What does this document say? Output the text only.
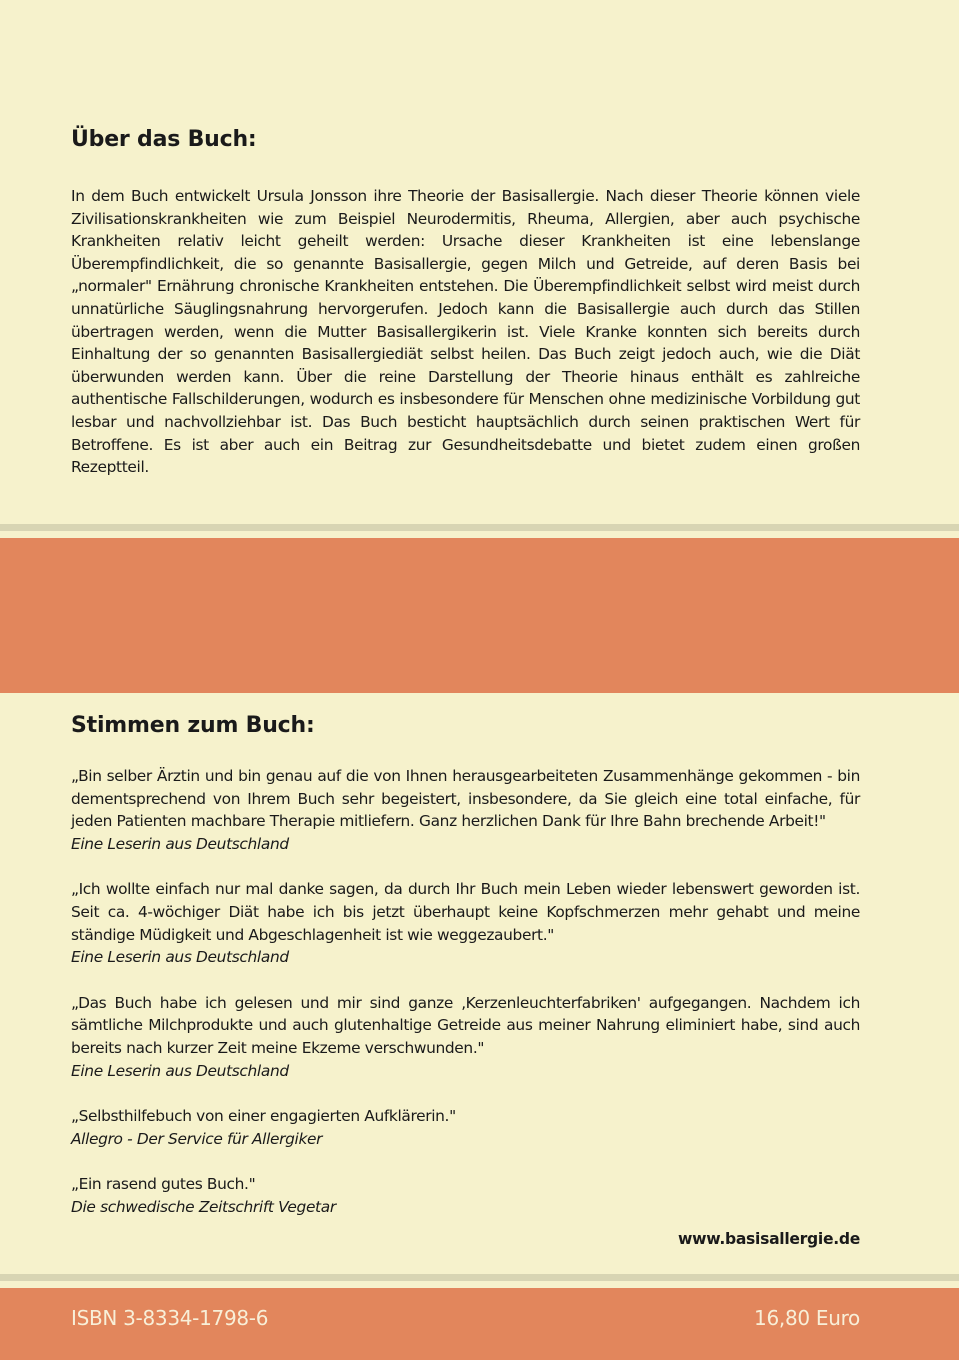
Über das Buch:

In dem Buch entwickelt Ursula Jonsson ihre Theorie der Basisallergie. Nach dieser Theorie können viele Zivilisationskrankheiten wie zum Beispiel Neurodermitis, Rheuma, Allergien, aber auch psychische Krankheiten relativ leicht geheilt werden: Ursache dieser Krankheiten ist eine lebenslange Überempfindlichkeit, die so genannte Basisallergie, gegen Milch und Getreide, auf deren Basis bei „normaler" Ernährung chronische Krankheiten entstehen. Die Überempfindlichkeit selbst wird meist durch unnatürliche Säuglingsnahrung hervorgerufen. Jedoch kann die Basisallergie auch durch das Stillen übertragen werden, wenn die Mutter Basisallergikerin ist. Viele Kranke konnten sich bereits durch Einhaltung der so genannten Basisallergiediät selbst heilen. Das Buch zeigt jedoch auch, wie die Diät überwunden werden kann. Über die reine Darstellung der Theorie hinaus enthält es zahlreiche authentische Fallschilderungen, wodurch es insbesondere für Menschen ohne medizinische Vorbildung gut lesbar und nachvollziehbar ist. Das Buch besticht hauptsächlich durch seinen praktischen Wert für Betroffene. Es ist aber auch ein Beitrag zur Gesundheitsdebatte und bietet zudem einen großen Rezeptteil.

Stimmen zum Buch:

„Bin selber Ärztin und bin genau auf die von Ihnen herausgearbeiteten Zusammenhänge gekommen - bin dementsprechend von Ihrem Buch sehr begeistert, insbesondere, da Sie gleich eine total einfache, für jeden Patienten machbare Therapie mitliefern. Ganz herzlichen Dank für Ihre Bahn brechende Arbeit!"

Eine Leserin aus Deutschland

„Ich wollte einfach nur mal danke sagen, da durch Ihr Buch mein Leben wieder lebenswert geworden ist. Seit ca. 4-wöchiger Diät habe ich bis jetzt überhaupt keine Kopfschmerzen mehr gehabt und meine ständige Müdigkeit und Abgeschlagenheit ist wie weggezaubert."

Eine Leserin aus Deutschland

„Das Buch habe ich gelesen und mir sind ganze ‚Kerzenleuchterfabriken' aufgegangen. Nachdem ich sämtliche Milchprodukte und auch glutenhaltige Getreide aus meiner Nahrung eliminiert habe, sind auch bereits nach kurzer Zeit meine Ekzeme verschwunden."

Eine Leserin aus Deutschland

„Selbsthilfebuch von einer engagierten Aufklärerin."

Allegro - Der Service für Allergiker

„Ein rasend gutes Buch."

Die schwedische Zeitschrift Vegetar

www.basisallergie.de
ISBN 3-8334-1798-6	16,80 Euro
